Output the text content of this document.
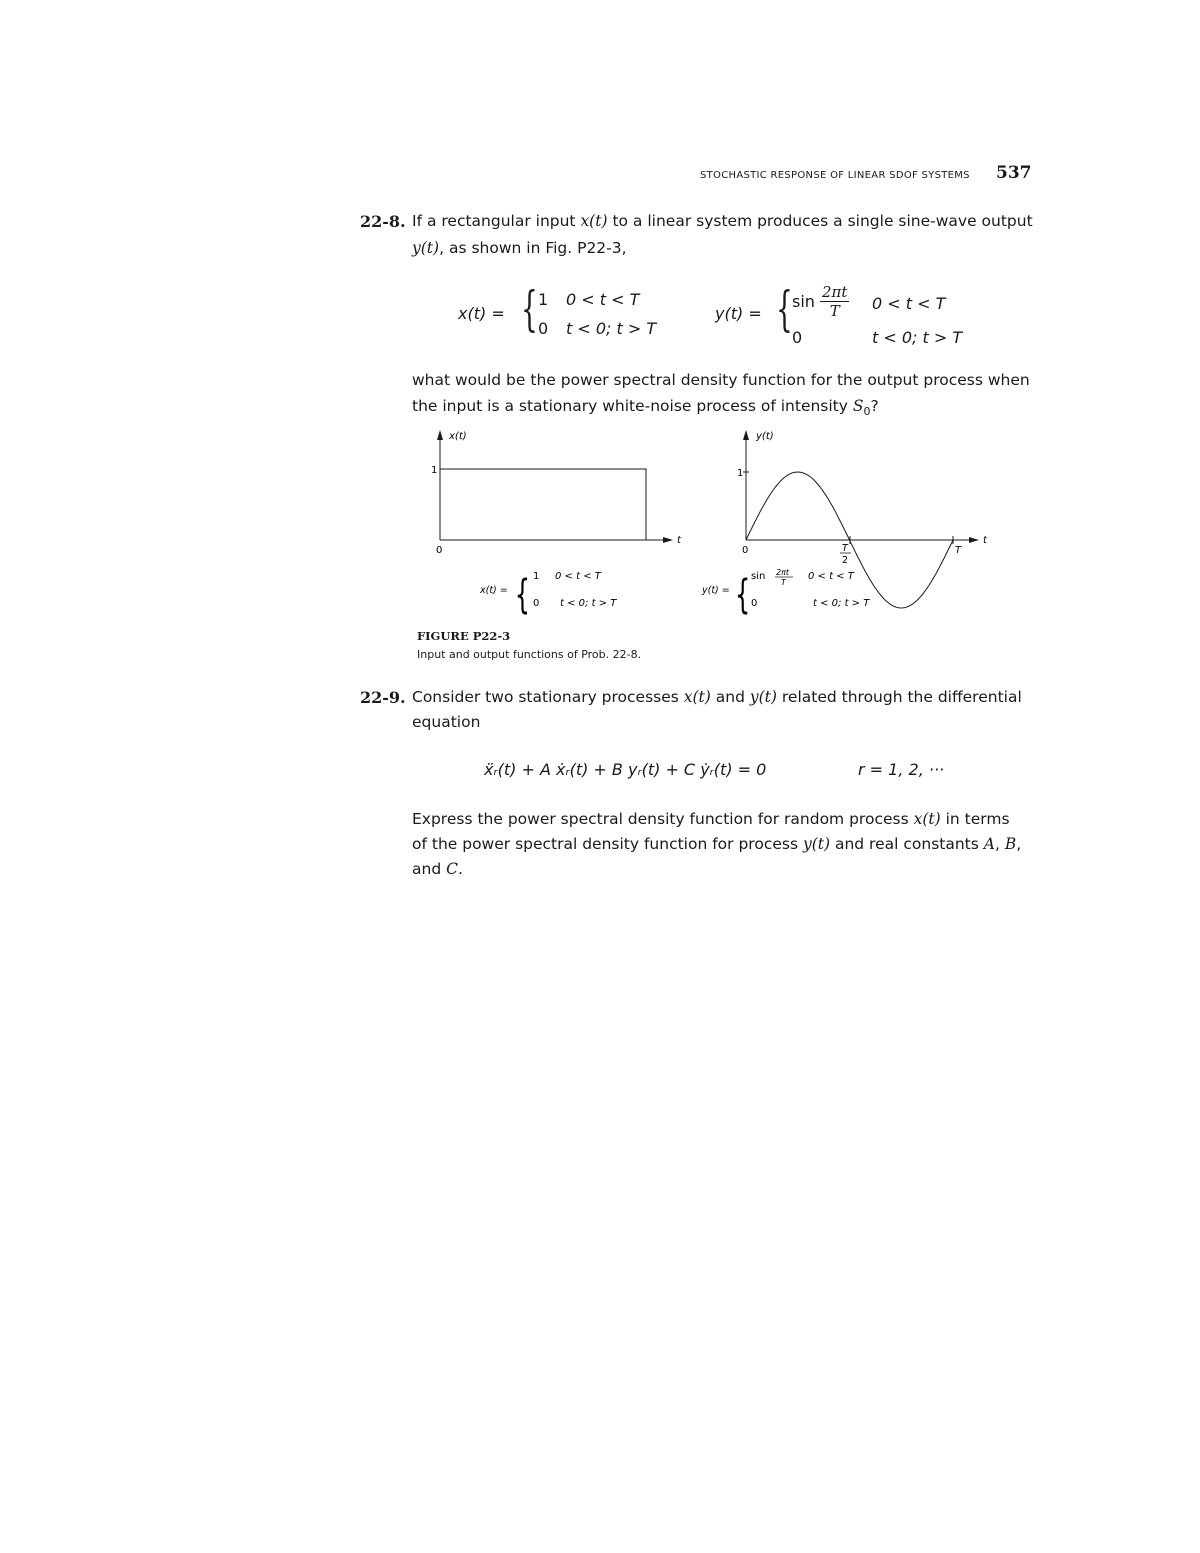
STOCHASTIC RESPONSE OF LINEAR SDOF SYSTEMS 537
22-8. If a rectangular input x(t) to a linear system produces a single sine-wave output
y(t), as shown in Fig. P22-3,
x(t) = { 1 0 < t < T
0 t < 0; t > T
y(t) = { $\sin \frac{2\pi t}{T} 0 < t < T$
0	t < 0; t > T
what would be the power spectral density function for the output process when
the input is a stationary white-noise process of intensity $S_0$?
x(t)
t
1
0
x(t) = { 1 0 < t < T
0 t < 0; t > T
y(t)
t
1
0	T
2
T
y(t) = { sin 2πt
T
0 < t < T
0	t < 0; t > T
FIGURE P22-3
Input and output functions of Prob. 22-8.
22-9. Consider two stationary processes x(t) and y(t) related through the differential
equation
ẍᵣ(t) + A ẋᵣ(t) + B yᵣ(t) + C ẏᵣ(t) = 0	r = 1, 2, ···
Express the power spectral density function for random process x(t) in terms
of the power spectral density function for process y(t) and real constants A, B,
and C.
